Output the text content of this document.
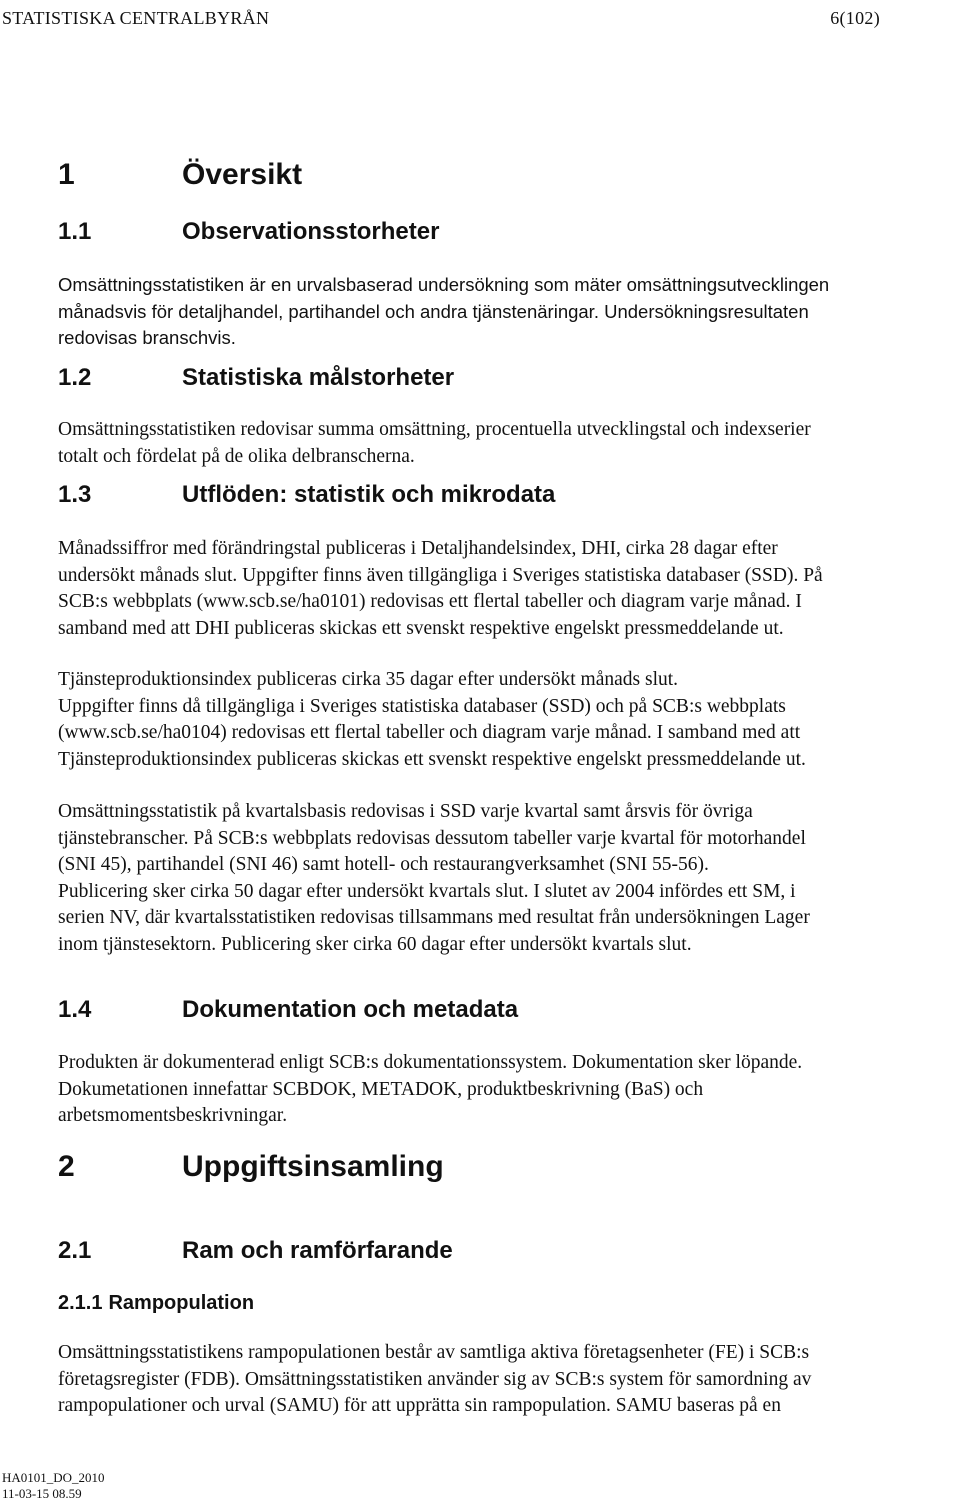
STATISTISKA CENTRALBYRÅN	6(102)
1	Översikt
1.1	Observationsstorheter
Omsättningsstatistiken är en urvalsbaserad undersökning som mäter omsättningsutvecklingen
månadsvis för detaljhandel, partihandel och andra tjänstenäringar. Undersökningsresultaten
redovisas branschvis.
1.2	Statistiska målstorheter
Omsättningsstatistiken redovisar summa omsättning, procentuella utvecklingstal och indexserier
totalt och fördelat på de olika delbranscherna.
1.3	Utflöden: statistik och mikrodata
Månadssiffror med förändringstal publiceras i Detaljhandelsindex, DHI, cirka 28 dagar efter
undersökt månads slut. Uppgifter finns även tillgängliga i Sveriges statistiska databaser (SSD). På
SCB:s webbplats (www.scb.se/ha0101) redovisas ett flertal tabeller och diagram varje månad. I
samband med att DHI publiceras skickas ett svenskt respektive engelskt pressmeddelande ut.
Tjänsteproduktionsindex publiceras cirka 35 dagar efter undersökt månads slut.
Uppgifter finns då tillgängliga i Sveriges statistiska databaser (SSD) och på SCB:s webbplats
(www.scb.se/ha0104) redovisas ett flertal tabeller och diagram varje månad. I samband med att
Tjänsteproduktionsindex publiceras skickas ett svenskt respektive engelskt pressmeddelande ut.
Omsättningsstatistik på kvartalsbasis redovisas i SSD varje kvartal samt årsvis för övriga
tjänstebranscher. På SCB:s webbplats redovisas dessutom tabeller varje kvartal för motorhandel
(SNI 45), partihandel (SNI 46) samt hotell- och restaurangverksamhet (SNI 55-56).
Publicering sker cirka 50 dagar efter undersökt kvartals slut. I slutet av 2004 infördes ett SM, i
serien NV, där kvartalsstatistiken redovisas tillsammans med resultat från undersökningen Lager
inom tjänstesektorn. Publicering sker cirka 60 dagar efter undersökt kvartals slut.
1.4	Dokumentation och metadata
Produkten är dokumenterad enligt SCB:s dokumentationssystem. Dokumentation sker löpande.
Dokumetationen innefattar SCBDOK, METADOK, produktbeskrivning (BaS) och
arbetsmomentsbeskrivningar.
2	Uppgiftsinsamling
2.1	Ram och ramförfarande
2.1.1 Rampopulation
Omsättningsstatistikens rampopulationen består av samtliga aktiva företagsenheter (FE) i SCB:s
företagsregister (FDB). Omsättningsstatistiken använder sig av SCB:s system för samordning av
rampopulationer och urval (SAMU) för att upprätta sin rampopulation. SAMU baseras på en
HA0101_DO_2010
11-03-15 08.59
